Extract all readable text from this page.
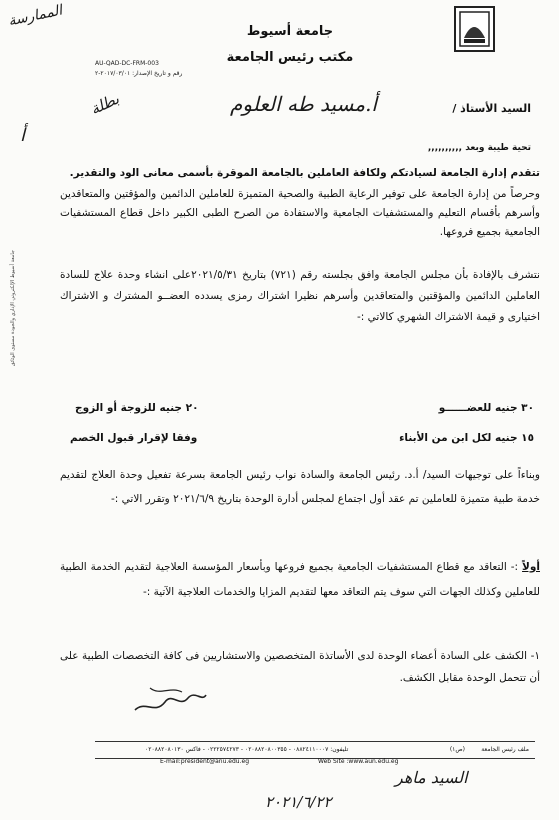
جامعة أسيوط
مكتب رئيس الجامعة
AU-QAD-DC-FRM-003
رقم و تاريخ الإصدار: ٢٠١٧/٠٣/٠١-٢
الممارسة
بطلة
أ
جامعة أسيوط الإلكتروني الإداري والجودة مستوى الوثائق
السيد الأستاذ /
أ.مسيد طه العلوم
تحية طيبة وبعد ,,,,,,,,,,
تتقدم إدارة الجامعة لسيادتكم ولكافة العاملين بالجامعة الموقرة بأسمى معانى الود والتقدير.
وحرصاً من إدارة الجامعة على توفير الرعاية الطبية والصحية المتميزة للعاملين الدائمين والمؤقتين والمتعاقدين وأسرهم بأقسام التعليم والمستشفيات الجامعية والاستفادة من الصرح الطبى الكبير داخل قطاع المستشفيات الجامعية بجميع فروعها.
نتشرف بالإفادة بأن مجلس الجامعة وافق بجلسته رقم (٧٢١) بتاريخ ٢٠٢١/٥/٣١على انشاء وحدة علاج للسادة العاملين الدائمين والمؤقتين والمتعاقدين وأسرهم نظيرا اشتراك رمزى يسدده العضــو المشترك و الاشتراك اختيارى و قيمة الاشتراك الشهري كالاتي :-
٣٠ جنيه للعضــــــو
٢٠ جنيه للزوجة أو الزوج
١٥ جنيه لكل ابن من الأبناء
وفقا لإقرار قبول الخصم
وبناءاً على توجيهات السيد/ أ.د. رئيس الجامعة والسادة نواب رئيس الجامعة بسرعة تفعيل وحدة العلاج لتقديم خدمة طبية متميزة للعاملين تم عقد أول اجتماع لمجلس أدارة الوحدة بتاريخ ٢٠٢١/٦/٩ وتقرر الاتي :-
أولاً :- التعاقد مع قطاع المستشفيات الجامعية بجميع فروعها وبأسعار المؤسسة العلاجية لتقديم الخدمة الطبية للعاملين وكذلك الجهات التي سوف يتم التعاقد معها لتقديم المزايا والخدمات العلاجية الآتية :-
١- الكشف على السادة أعضاء الوحدة لدى الأساتذة المتخصصين والاستشاريين فى كافة التخصصات الطبية على أن تتحمل الوحدة مقابل الكشف.
ملف رئيس الجامعة
(ص١)
تليفون: ٠٨٨٢٤١١٠٠٠٧ - ٠٢٠٨٨٢٠٨٠٠٣٥٥ - ٠٢٢٢٥٧٤٢٧٣ - فاكس ٠٢٠٨٨٢٠٨٠١٣٠
E-mail:president@anu.edu.eg	Web Site :www.aun.edu.eg
السيد ماهر
٢٠٢١/٦/٢٢
